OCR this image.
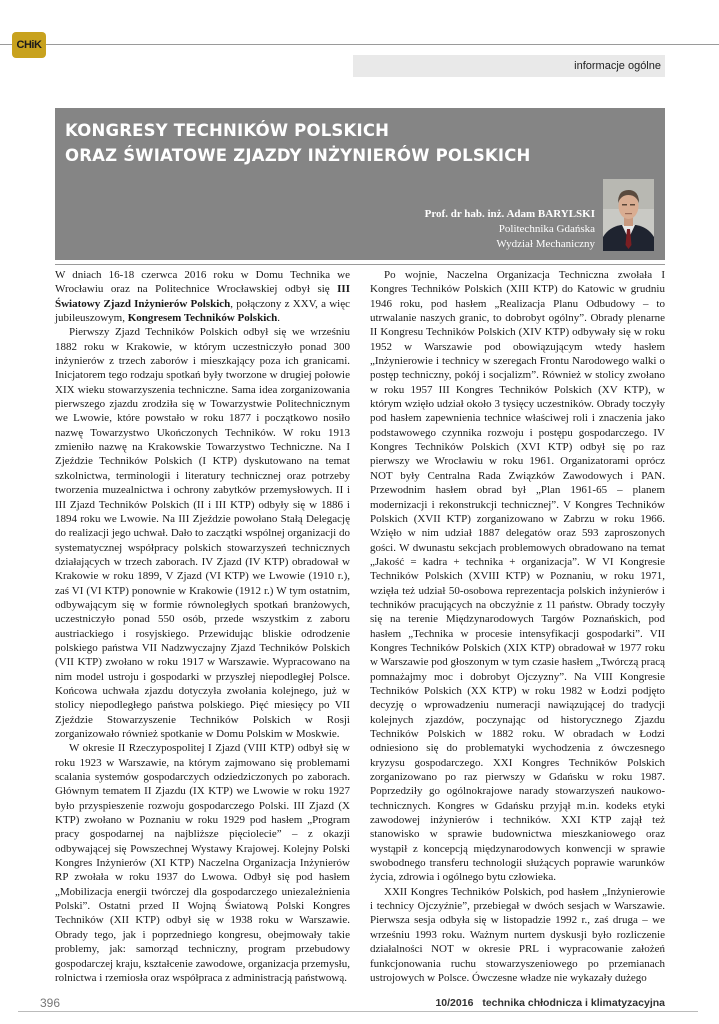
CHiK
informacje ogólne
KONGRESY TECHNIKÓW POLSKICH
ORAZ ŚWIATOWE ZJAZDY INŻYNIERÓW POLSKICH
Prof. dr hab. inż. Adam BARYLSKI
Politechnika Gdańska
Wydział Mechaniczny

W dniach 16-18 czerwca 2016 roku w Domu Technika we Wrocławiu oraz na Politechnice Wrocławskiej odbył się III Światowy Zjazd Inżynierów Polskich, połączony z XXV, a więc jubileuszowym, Kongresem Techników Polskich.

Pierwszy Zjazd Techników Polskich odbył się we wrześniu 1882 roku w Krakowie, w którym uczestniczyło ponad 300 inżynierów z trzech zaborów i mieszkający poza ich granicami. Inicjatorem tego rodzaju spotkań były tworzone w drugiej połowie XIX wieku stowarzyszenia techniczne. Sama idea zorganizowania pierwszego zjazdu zrodziła się w Towarzystwie Politechnicznym we Lwowie, które powstało w roku 1877 i początkowo nosiło nazwę Towarzystwo Ukończonych Techników. W roku 1913 zmieniło nazwę na Krakowskie Towarzystwo Techniczne. Na I Zjeździe Techników Polskich (I KTP) dyskutowano na temat szkolnictwa, terminologii i literatury technicznej oraz potrzeby tworzenia muzealnictwa i ochrony zabytków przemysłowych. II i III Zjazd Techników Polskich (II i III KTP) odbyły się w 1886 i 1894 roku we Lwowie. Na III Zjeździe powołano Stałą Delegację do realizacji jego uchwał. Dało to zaczątki wspólnej organizacji do systematycznej współpracy polskich stowarzyszeń technicznych działających w trzech zaborach. IV Zjazd (IV KTP) obradował w Krakowie w roku 1899, V Zjazd (VI KTP) we Lwowie (1910 r.), zaś VI (VI KTP) ponownie w Krakowie (1912 r.) W tym ostatnim, odbywającym się w formie równoległych spotkań branżowych, uczestniczyło ponad 550 osób, przede wszystkim z zaboru austriackiego i rosyjskiego. Przewidując bliskie odrodzenie polskiego państwa VII Nadzwyczajny Zjazd Techników Polskich (VII KTP) zwołano w roku 1917 w Warszawie. Wypracowano na nim model ustroju i gospodarki w przyszłej niepodległej Polsce. Końcowa uchwała zjazdu dotyczyła zwołania kolejnego, już w stolicy niepodległego państwa polskiego. Pięć miesięcy po VII Zjeździe Stowarzyszenie Techników Polskich w Rosji zorganizowało również spotkanie w Domu Polskim w Moskwie.

W okresie II Rzeczypospolitej I Zjazd (VIII KTP) odbył się w roku 1923 w Warszawie, na którym zajmowano się problemami scalania systemów gospodarczych odziedziczonych po zaborach. Głównym tematem II Zjazdu (IX KTP) we Lwowie w roku 1927 było przyspieszenie rozwoju gospodarczego Polski. III Zjazd (X KTP) zwołano w Poznaniu w roku 1929 pod hasłem „Program pracy gospodarnej na najbliższe pięciolecie” – z okazji odbywającej się Powszechnej Wystawy Krajowej. Kolejny Polski Kongres Inżynierów (XI KTP) Naczelna Organizacja Inżynierów RP zwołała w roku 1937 do Lwowa. Odbył się pod hasłem „Mobilizacja energii twórczej dla gospodarczego uniezależnienia Polski”. Ostatni przed II Wojną Światową Polski Kongres Techników (XII KTP) odbył się w 1938 roku w Warszawie. Obrady tego, jak i poprzedniego kongresu, obejmowały takie problemy, jak: samorząd techniczny, program przebudowy gospodarczej kraju, kształcenie zawodowe, organizacja przemysłu, rolnictwa i rzemiosła oraz współpraca z administracją państwową.

Po wojnie, Naczelna Organizacja Techniczna zwołała I Kongres Techników Polskich (XIII KTP) do Katowic w grudniu 1946 roku, pod hasłem „Realizacja Planu Odbudowy – to utrwalanie naszych granic, to dobrobyt ogólny”. Obrady plenarne II Kongresu Techników Polskich (XIV KTP) odbywały się w roku 1952 w Warszawie pod obowiązującym wtedy hasłem „Inżynierowie i technicy w szeregach Frontu Narodowego walki o postęp techniczny, pokój i socjalizm”. Również w stolicy zwołano w roku 1957 III Kongres Techników Polskich (XV KTP), w którym wzięło udział około 3 tysięcy uczestników. Obrady toczyły pod hasłem zapewnienia technice właściwej roli i znaczenia jako podstawowego czynnika rozwoju i postępu gospodarczego. IV Kongres Techników Polskich (XVI KTP) odbył się po raz pierwszy we Wrocławiu w roku 1961. Organizatorami oprócz NOT były Centralna Rada Związków Zawodowych i PAN. Przewodnim hasłem obrad był „Plan 1961-65 – planem modernizacji i rekonstrukcji technicznej”. V Kongres Techników Polskich (XVII KTP) zorganizowano w Zabrzu w roku 1966. Wzięło w nim udział 1887 delegatów oraz 593 zaproszonych gości. W dwunastu sekcjach problemowych obradowano na temat „Jakość = kadra + technika + organizacja”. W VI Kongresie Techników Polskich (XVIII KTP) w Poznaniu, w roku 1971, wzięła też udział 50-osobowa reprezentacja polskich inżynierów i techników pracujących na obczyźnie z 11 państw. Obrady toczyły się na terenie Międzynarodowych Targów Poznańskich, pod hasłem „Technika w procesie intensyfikacji gospodarki”. VII Kongres Techników Polskich (XIX KTP) obradował w 1977 roku w Warszawie pod głoszonym w tym czasie hasłem „Twórczą pracą pomnażajmy moc i dobrobyt Ojczyzny”. Na VIII Kongresie Techników Polskich (XX KTP) w roku 1982 w Łodzi podjęto decyzję o wprowadzeniu numeracji nawiązującej do tradycji kolejnych zjazdów, poczynając od historycznego Zjazdu Techników Polskich w 1882 roku. W obradach w Łodzi odniesiono się do problematyki wychodzenia z ówczesnego kryzysu gospodarczego. XXI Kongres Techników Polskich zorganizowano po raz pierwszy w Gdańsku w roku 1987. Poprzedziły go ogólnokrajowe narady stowarzyszeń naukowo-technicznych. Kongres w Gdańsku przyjął m.in. kodeks etyki zawodowej inżynierów i techników. XXI KTP zajął też stanowisko w sprawie budownictwa mieszkaniowego oraz wystąpił z koncepcją międzynarodowych konwencji w sprawie swobodnego transferu technologii służących poprawie warunków życia, zdrowia i ogólnego bytu człowieka.

XXII Kongres Techników Polskich, pod hasłem „Inżynierowie i technicy Ojczyźnie”, przebiegał w dwóch sesjach w Warszawie. Pierwsza sesja odbyła się w listopadzie 1992 r., zaś druga – we wrześniu 1993 roku. Ważnym nurtem dyskusji było rozliczenie działalności NOT w okresie PRL i wypracowanie założeń funkcjonowania ruchu stowarzyszeniowego po przemianach ustrojowych w Polsce. Ówczesne władze nie wykazały dużego

396	10/2016 technika chłodnicza i klimatyzacyjna
